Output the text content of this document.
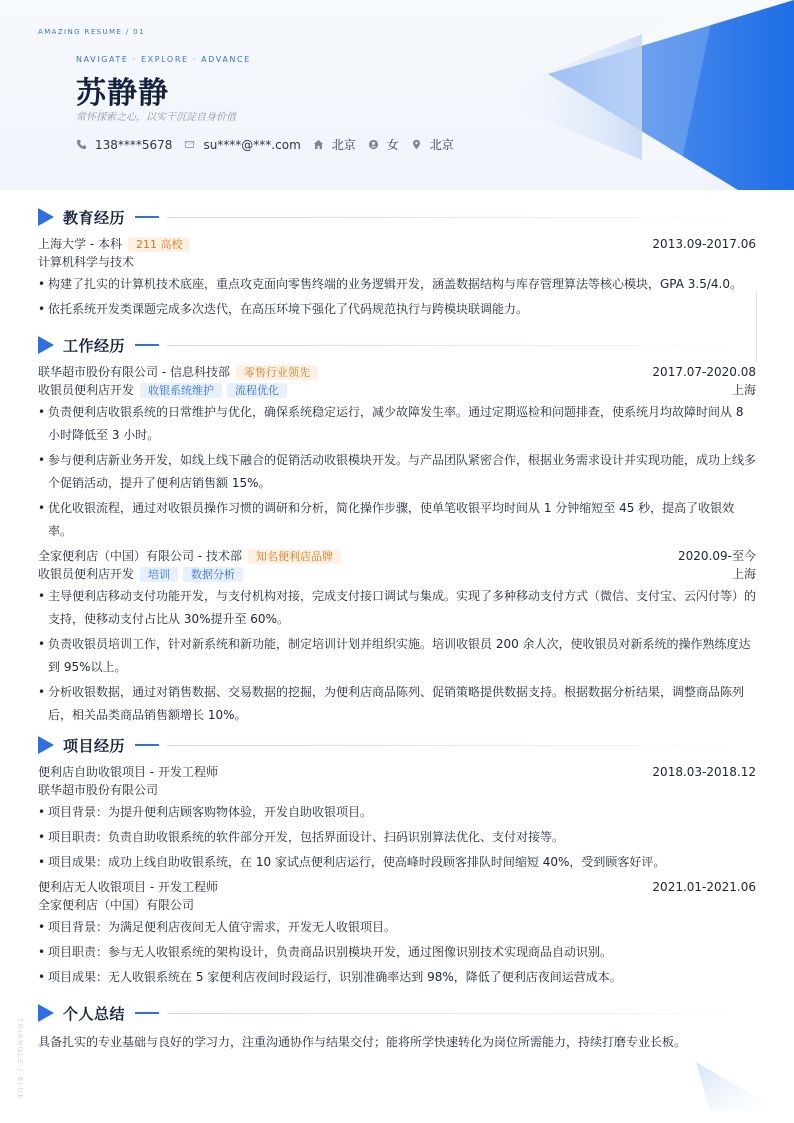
AMAZING RESUME / 01
NAVIGATE · EXPLORE · ADVANCE
苏静静
常怀探索之心，以实干沉淀自身价值
138****5678	su****@***.com	北京	女	北京
教育经历
上海大学 - 本科	211 高校	2013.09-2017.06
计算机科学与技术
• 构建了扎实的计算机技术底座，重点攻克面向零售终端的业务逻辑开发，涵盖数据结构与库存管理算法等核心模块，GPA 3.5/4.0。
• 依托系统开发类课题完成多次迭代，在高压环境下强化了代码规范执行与跨模块联调能力。
工作经历
联华超市股份有限公司 - 信息科技部	零售行业领先	2017.07-2020.08
收银员便利店开发	收银系统维护	流程优化	上海
• 负责便利店收银系统的日常维护与优化，确保系统稳定运行，减少故障发生率。通过定期巡检和问题排查，使系统月均故障时间从 8 小时降低至 3 小时。
• 参与便利店新业务开发，如线上线下融合的促销活动收银模块开发。与产品团队紧密合作，根据业务需求设计并实现功能，成功上线多个促销活动，提升了便利店销售额 15%。
• 优化收银流程，通过对收银员操作习惯的调研和分析，简化操作步骤，使单笔收银平均时间从 1 分钟缩短至 45 秒，提高了收银效率。
全家便利店（中国）有限公司 - 技术部	知名便利店品牌	2020.09-至今
收银员便利店开发	培训	数据分析	上海
• 主导便利店移动支付功能开发，与支付机构对接，完成支付接口调试与集成。实现了多种移动支付方式（微信、支付宝、云闪付等）的支持，使移动支付占比从 30%提升至 60%。
• 负责收银员培训工作，针对新系统和新功能，制定培训计划并组织实施。培训收银员 200 余人次，使收银员对新系统的操作熟练度达到 95%以上。
• 分析收银数据，通过对销售数据、交易数据的挖掘，为便利店商品陈列、促销策略提供数据支持。根据数据分析结果，调整商品陈列后，相关品类商品销售额增长 10%。
项目经历
便利店自助收银项目 - 开发工程师	2018.03-2018.12
联华超市股份有限公司
• 项目背景：为提升便利店顾客购物体验，开发自助收银项目。
• 项目职责：负责自助收银系统的软件部分开发，包括界面设计、扫码识别算法优化、支付对接等。
• 项目成果：成功上线自助收银系统，在 10 家试点便利店运行，使高峰时段顾客排队时间缩短 40%，受到顾客好评。
便利店无人收银项目 - 开发工程师	2021.01-2021.06
全家便利店（中国）有限公司
• 项目背景：为满足便利店夜间无人值守需求，开发无人收银项目。
• 项目职责：参与无人收银系统的架构设计，负责商品识别模块开发，通过图像识别技术实现商品自动识别。
• 项目成果：无人收银系统在 5 家便利店夜间时段运行，识别准确率达到 98%，降低了便利店夜间运营成本。
个人总结
具备扎实的专业基础与良好的学习力，注重沟通协作与结果交付；能将所学快速转化为岗位所需能力，持续打磨专业长板。
TRIANGLE / BLUE
